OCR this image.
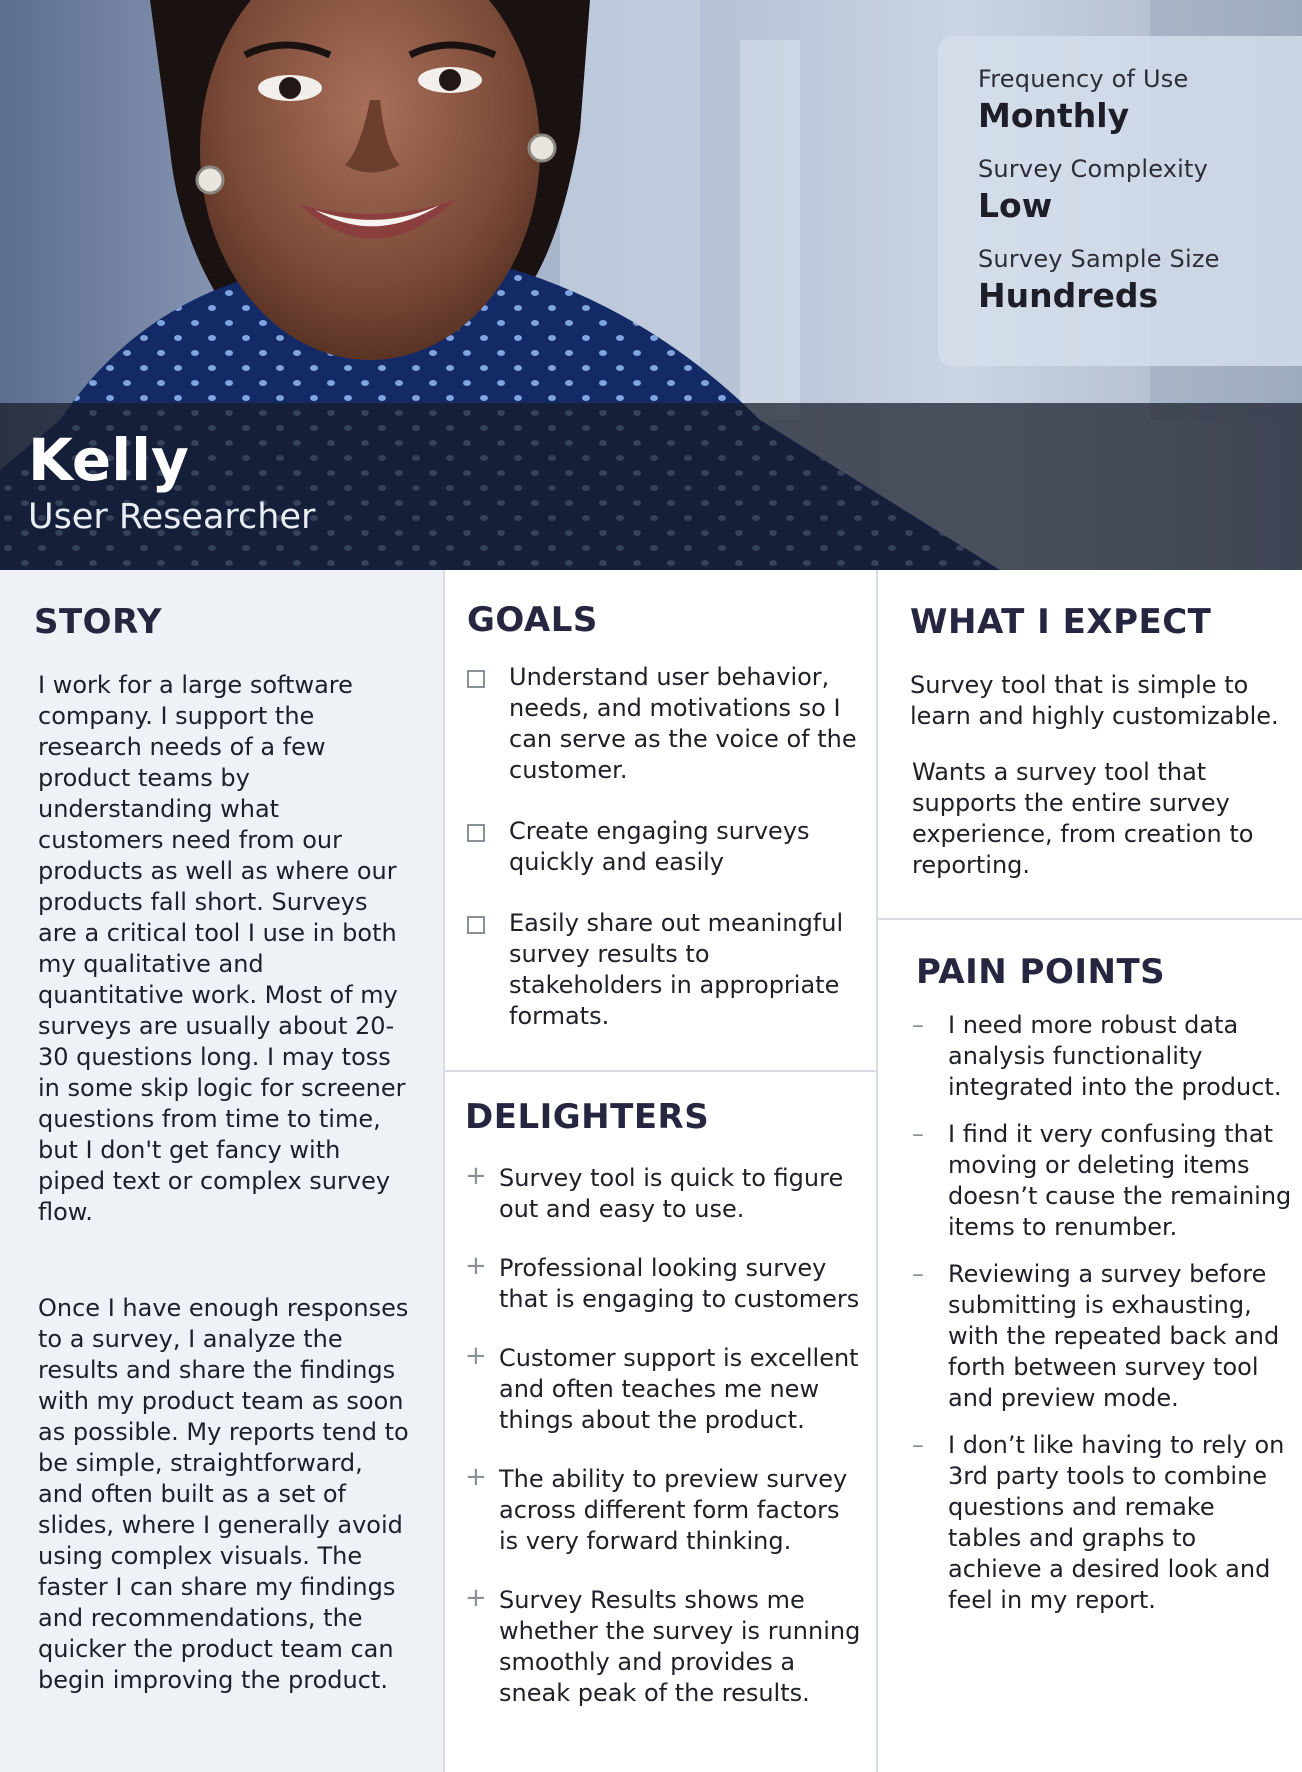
Frequency of Use
Monthly
Survey Complexity
Low
Survey Sample Size
Hundreds
Kelly
User Researcher
STORY

I work for a large software company. I support the research needs of a few product teams by understanding what customers need from our products as well as where our products fall short. Surveys are a critical tool I use in both my qualitative and quantitative work. Most of my surveys are usually about 20-30 questions long. I may toss in some skip logic for screener questions from time to time, but I don't get fancy with piped text or complex survey flow.

Once I have enough responses to a survey, I analyze the results and share the findings with my product team as soon as possible. My reports tend to be simple, straightforward, and often built as a set of slides, where I generally avoid using complex visuals. The faster I can share my findings and recommendations, the quicker the product team can begin improving the product.

GOALS
Understand user behavior, needs, and motivations so I can serve as the voice of the customer.
Create engaging surveys quickly and easily
Easily share out meaningful survey results to stakeholders in appropriate formats.
DELIGHTERS
+ Survey tool is quick to figure out and easy to use.
+ Professional looking survey that is engaging to customers
+ Customer support is excellent and often teaches me new things about the product.
+ The ability to preview survey across different form factors is very forward thinking.
+ Survey Results shows me whether the survey is running smoothly and provides a sneak peak of the results.
WHAT I EXPECT

Survey tool that is simple to learn and highly customizable.

Wants a survey tool that supports the entire survey experience, from creation to reporting.

PAIN POINTS
– I need more robust data analysis functionality integrated into the product.
– I find it very confusing that moving or deleting items doesn’t cause the remaining items to renumber.
– Reviewing a survey before submitting is exhausting, with the repeated back and forth between survey tool and preview mode.
– I don’t like having to rely on 3rd party tools to combine questions and remake tables and graphs to achieve a desired look and feel in my report.
